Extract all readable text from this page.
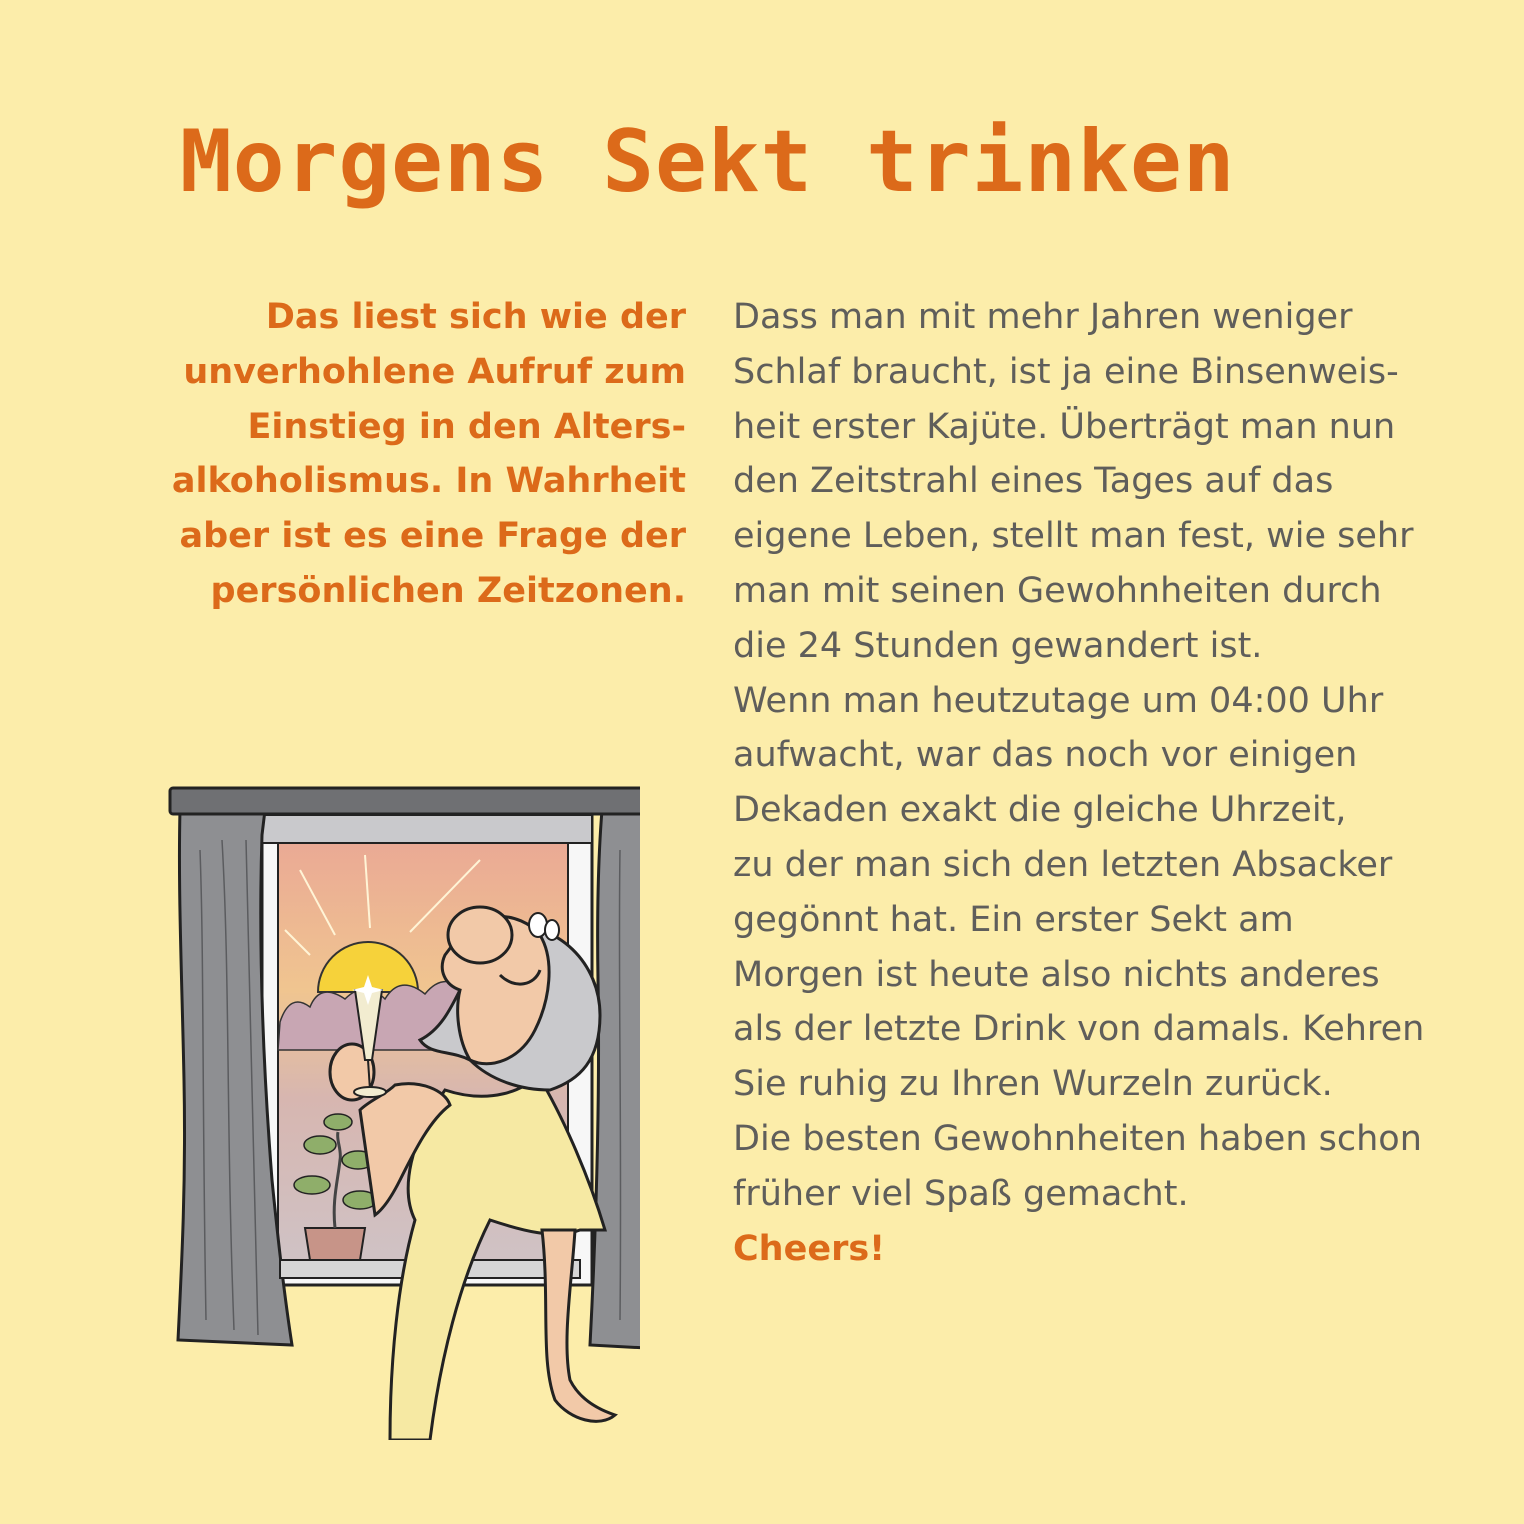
Morgens Sekt trinken
Das liest sich wie der
unverhohlene Aufruf zum
Einstieg in den Alters-
alkoholismus. In Wahrheit
aber ist es eine Frage der
persönlichen Zeitzonen.
Dass man mit mehr Jahren weniger
Schlaf braucht, ist ja eine Binsenweis-
heit erster Kajüte. Überträgt man nun
den Zeitstrahl eines Tages auf das
eigene Leben, stellt man fest, wie sehr
man mit seinen Gewohnheiten durch
die 24 Stunden gewandert ist.
Wenn man heutzutage um 04:00 Uhr
aufwacht, war das noch vor einigen
Dekaden exakt die gleiche Uhrzeit,
zu der man sich den letzten Absacker
gegönnt hat. Ein erster Sekt am
Morgen ist heute also nichts anderes
als der letzte Drink von damals. Kehren
Sie ruhig zu Ihren Wurzeln zurück.
Die besten Gewohnheiten haben schon
früher viel Spaß gemacht.
Cheers!
